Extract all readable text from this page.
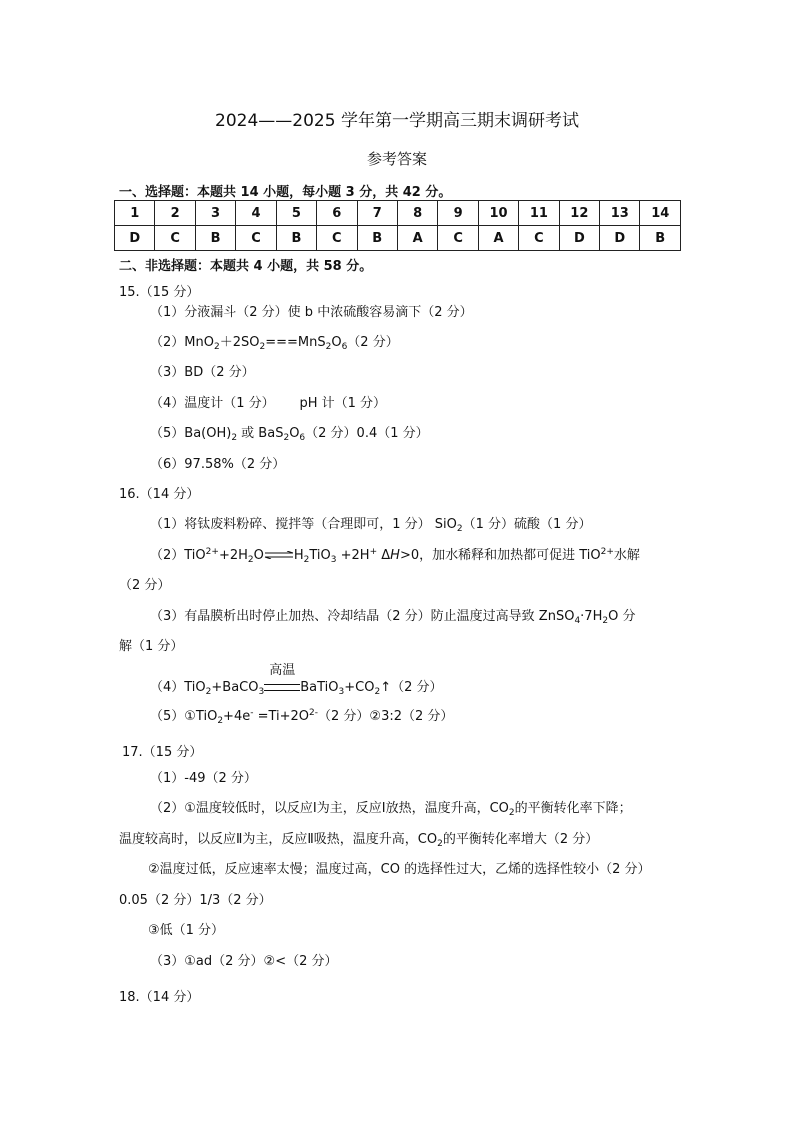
2024——2025 学年第一学期高三期末调研考试
参考答案
一、选择题：本题共 14 小题，每小题 3 分，共 42 分。
1	2	3	4	5	6	7	8	9	10	11	12	13	14
D	C	B	C	B	C	B	A	C	A	C	D	D	B
二、非选择题：本题共 4 小题，共 58 分。
15.（15 分）
（1）分液漏斗（2 分）使 b 中浓硫酸容易滴下（2 分）
$(2)MnO_2+2SO_2===MnS_2O_6(2$ 分）
（3）BD（2 分）
（4）温度计（1 分）      pH 计（1 分）
$(5)Ba(OH)_2$ 或 $BaS_2O_6(2$ 分）0.4（1 分）
（6）97.58%（2 分）
16.（14 分）
（1）将钛废料粉碎、搅拌等（合理即可，1 分） SiO$_2$（1 分）硫酸（1 分）
$(2)TiO^{2+}+2H_2O\rightleftharpoons H_2TiO_3 +2H^+$ ΔH>0，加水稀释和加热都可促进 TiO$^{2+}$水解
（2 分）
（3）有晶膜析出时停止加热、冷却结晶（2 分）防止温度过高导致 $ZnSO_4\cdot 7H_2O$ 分
解（1 分）
（4）TiO$_2$+BaCO$_3$
高温
$BaTiO_3+CO_2↑(2$ 分）
（5）①TiO$_2$+4e- $=Ti+2O^{2-}(2$ 分）②3:2（2 分）
17.（15 分）
（1）-49（2 分）
（2）①温度较低时，以反应Ⅰ为主，反应Ⅰ放热，温度升高，$CO_2$的平衡转化率下降；
温度较高时，以反应Ⅱ为主，反应Ⅱ吸热，温度升高，$CO_2$的平衡转化率增大（2 分）
②温度过低，反应速率太慢；温度过高，CO 的选择性过大，乙烯的选择性较小（2 分）
0.05（2 分）1/3（2 分）
③低（1 分）
（3）①ad（2 分）②<（2 分）
18.（14 分）
